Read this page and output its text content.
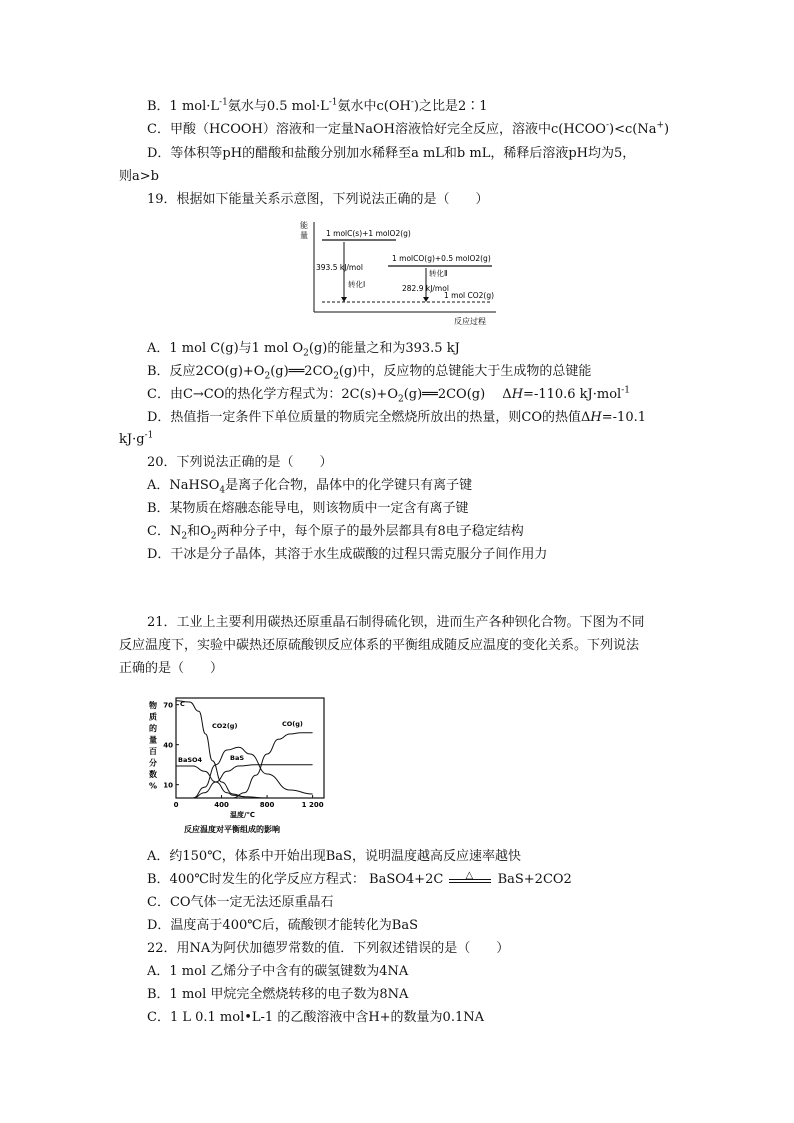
B．1 $mol\cdot L^{-1}$氨水与0.5 $mol\cdot L^{-1}$氨水中c(OH-)之比是2∶1
C．甲酸（HCOOH）溶液和一定量NaOH溶液恰好完全反应，溶液中c(HCOO-)<c(Na+)
D．等体积等pH的醋酸和盐酸分别加水稀释至a mL和b mL，稀释后溶液pH均为5，
则a>b
19．根据如下能量关系示意图，下列说法正确的是（　　）
能
量
反应过程
1 molC(s)+1 molO2(g)
1 molCO(g)+0.5 molO2(g)
1 mol CO2(g)
393.5 kJ/mol
转化Ⅰ
转化Ⅱ
282.9 kJ/mol
A．1 mol C(g)与1 mol $O_2(g)$的能量之和为393.5 kJ
B．反应$2CO(g)+O_2(g)══2CO_2(g)$中，反应物的总键能大于生成物的总键能
C．由C→CO的热化学方程式为：$2C(s)+O_2(g)══2CO(g)$　 ΔH=-110.6 kJ·mol$^{-1}$
D．热值指一定条件下单位质量的物质完全燃烧所放出的热量，则CO的热值ΔH=-10.1
$kJ\cdot g^{-1}$
20．下列说法正确的是（　　）
A．NaHSO$_4$是离子化合物，晶体中的化学键只有离子键
B．某物质在熔融态能导电，则该物质中一定含有离子键
C．$N_2$和$O_2$两种分子中，每个原子的最外层都具有8电子稳定结构
D．干冰是分子晶体，其溶于水生成碳酸的过程只需克服分子间作用力
21．工业上主要利用碳热还原重晶石制得硫化钡，进而生产各种钡化合物。下图为不同
反应温度下，实验中碳热还原硫酸钡反应体系的平衡组成随反应温度的变化关系。下列说法
正确的是（　　）
0	400	800	1 200
10
40
70
物
质
的
量
百
分
数
%
温度/℃
反应温度对平衡组成的影响
C
CO2(g)	CO(g)
BaSO4	BaS
A．约150℃，体系中开始出现BaS，说明温度越高反应速率越快
B．400℃时发生的化学反应方程式： BaSO4+2C △ BaS+2CO2
C．CO气体一定无法还原重晶石
D．温度高于400℃后，硫酸钡才能转化为BaS
22．用NA为阿伏加德罗常数的值．下列叙述错误的是（　　）
A．1 mol 乙烯分子中含有的碳氢键数为4NA
B．1 mol 甲烷完全燃烧转移的电子数为8NA
C．1 L 0.1 mol•L-1 的乙酸溶液中含H+的数量为0.1NA
